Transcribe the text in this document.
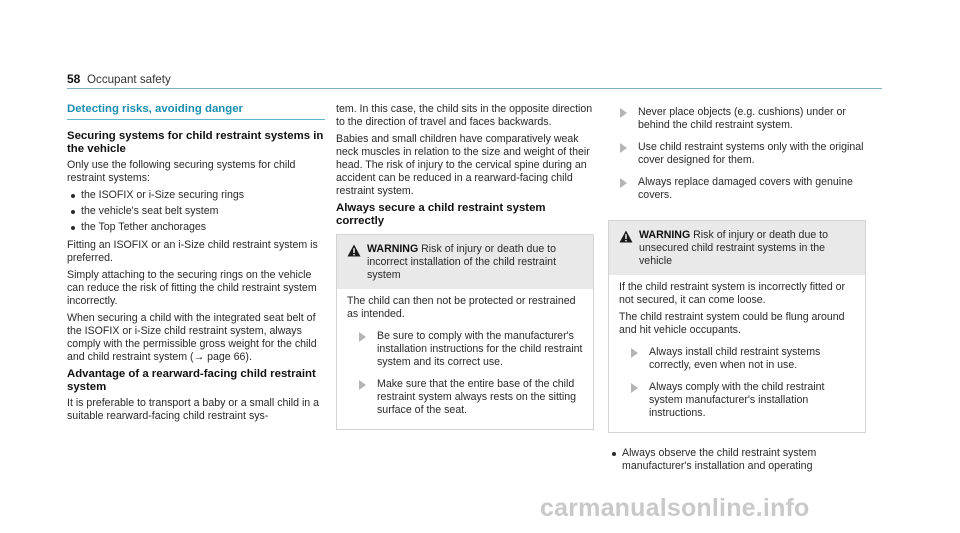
58 Occupant safety
Detecting risks, avoiding danger
Securing systems for child restraint systems in the vehicle

Only use the following securing systems for child restraint systems:

the ISOFIX or i-Size securing rings
the vehicle's seat belt system
the Top Tether anchorages

Fitting an ISOFIX or an i-Size child restraint system is preferred.

Simply attaching to the securing rings on the vehicle can reduce the risk of fitting the child restraint system incorrectly.

When securing a child with the integrated seat belt of the ISOFIX or i-Size child restraint system, always comply with the permissible gross weight for the child and child restraint system (→ page 66).

Advantage of a rearward-facing child restraint system

It is preferable to transport a baby or a small child in a suitable rearward-facing child restraint sys-

tem. In this case, the child sits in the opposite direction to the direction of travel and faces backwards.

Babies and small children have comparatively weak neck muscles in relation to the size and weight of their head. The risk of injury to the cervical spine during an accident can be reduced in a rearward-facing child restraint system.

Always secure a child restraint system correctly
WARNING Risk of injury or death due to incorrect installation of the child restraint system

The child can then not be protected or restrained as intended.

Be sure to comply with the manufacturer's installation instructions for the child restraint system and its correct use.
Make sure that the entire base of the child restraint system always rests on the sitting surface of the seat.
Never place objects (e.g. cushions) under or behind the child restraint system.
Use child restraint systems only with the original cover designed for them.
Always replace damaged covers with genuine covers.
WARNING Risk of injury or death due to unsecured child restraint systems in the vehicle

If the child restraint system is incorrectly fitted or not secured, it can come loose.

The child restraint system could be flung around and hit vehicle occupants.

Always install child restraint systems correctly, even when not in use.
Always comply with the child restraint system manufacturer's installation instructions.
Always observe the child restraint system manufacturer's installation and operating
carmanualsonline.info
